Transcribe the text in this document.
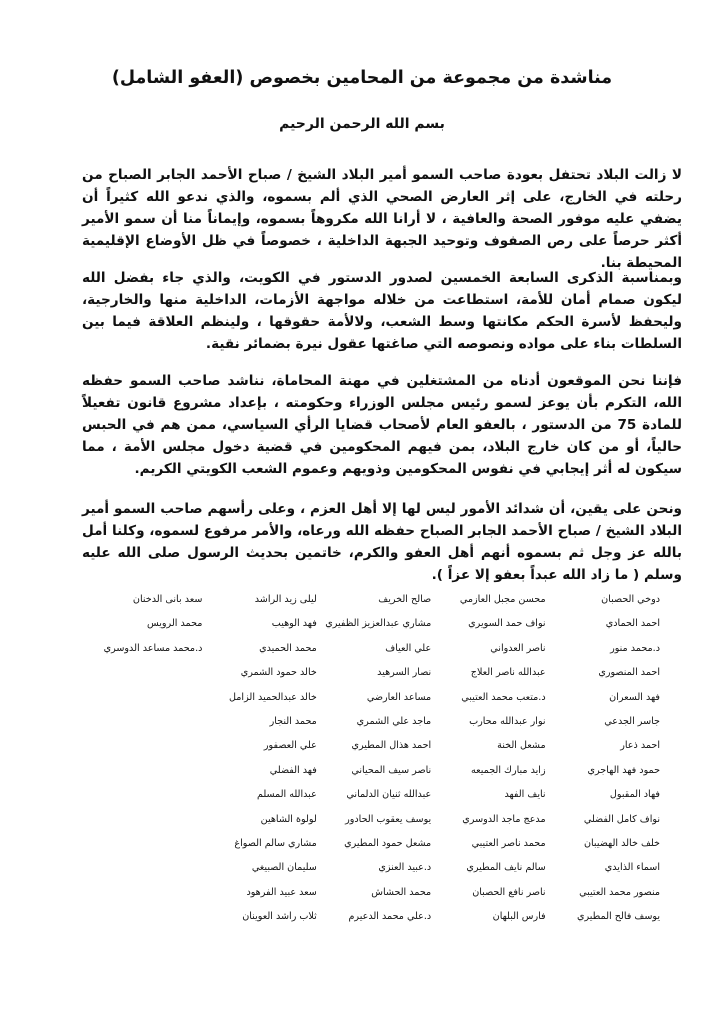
مناشدة من مجموعة من المحامين بخصوص (العفو الشامل)
بسم الله الرحمن الرحيم

لا زالت البلاد تحتفل بعودة صاحب السمو أمير البلاد الشيخ / صباح الأحمد الجابر الصباح من رحلته في الخارج، على إثر العارض الصحي الذي ألم بسموه، والذي ندعو الله كثيراً أن يضفي عليه موفور الصحة والعافية ، لا أرانا الله مكروهاً بسموه، وإيماناً منا أن سمو الأمير أكثر حرصاً على رص الصفوف وتوحيد الجبهة الداخلية ، خصوصاً في ظل الأوضاع الإقليمية المحيطة بنا.

وبمناسبة الذكرى السابعة الخمسين لصدور الدستور في الكويت، والذي جاء بفضل الله ليكون صمام أمان للأمة، استطاعت من خلاله مواجهة الأزمات، الداخلية منها والخارجية، وليحفظ لأسرة الحكم مكانتها وسط الشعب، ولالأمة حقوقها ، ولينظم العلاقة فيما بين السلطات بناء على مواده ونصوصه التي صاغتها عقول نيرة بضمائر نقية.

فإننا نحن الموقعون أدناه من المشتغلين في مهنة المحاماة، نناشد صاحب السمو حفظه الله، التكرم بأن يوعز لسمو رئيس مجلس الوزراء وحكومته ، بإعداد مشروع قانون تفعيلاً للمادة 75 من الدستور ، بالعفو العام لأصحاب قضايا الرأي السياسي، ممن هم في الحبس حالياً، أو من كان خارج البلاد، بمن فيهم المحكومين في قضية دخول مجلس الأمة ، مما سيكون له أثر إيجابي في نفوس المحكومين وذويهم وعموم الشعب الكويتي الكريم.

ونحن على يقين، أن شدائد الأمور ليس لها إلا أهل العزم ، وعلى رأسهم صاحب السمو أمير البلاد الشيخ / صباح الأحمد الجابر الصباح حفظه الله ورعاه، والأمر مرفوع لسموه، وكلنا أمل بالله عز وجل ثم بسموه أنهم أهل العفو والكرم، خاتمين بحديث الرسول صلى الله عليه وسلم ( ما زاد الله عبداً بعفو إلا عزاً ).

دوخي الحصبان
محسن مجبل العازمي
صالح الخريف
ليلى زيد الراشد
سعد بانى الدخنان
احمد الحمادي
نواف حمد السويري
مشاري عبدالعزيز الظفيري
فهد الوهيب
محمد الرويس
د.محمد منور
ناصر العدواني
علي العياف
محمد الحميدي
د.محمد مساعد الدوسري
احمد المنصوري
عبدالله ناصر العلاج
نصار السرهيد
خالد حمود الشمري
فهد السعران
د.متعب محمد العتيبي
مساعد العارضي
خالد عبدالحميد الزامل
جاسر الجدعي
نوار عبدالله محارب
ماجد علي الشمري
محمد النجار
احمد ذعار
مشعل الخنة
احمد هذال المطيري
علي العصفور
حمود فهد الهاجري
زايد مبارك الجميعه
ناصر سيف المحياني
فهد الفضلي
فهاد المقبول
نايف الفهد
عبدالله ثنيان الدلماني
عبدالله المسلم
نواف كامل الفضلي
مدعج ماجد الدوسري
يوسف يعقوب الحادور
لولوة الشاهين
خلف خالد الهضيبان
محمد ناصر العتيبي
مشعل حمود المطيري
مشاري سالم الصواغ
اسماء الذايدي
سالم نايف المطيري
د.عبيد العنزي
سليمان الصبيغي
منصور محمد العتيبي
ناصر نافع الحصبان
محمد الحشاش
سعد عبيد الفرهود
يوسف فالح المطيري
فارس البلهان
د.علي محمد الدعيرم
ثلاب راشد العوينان
